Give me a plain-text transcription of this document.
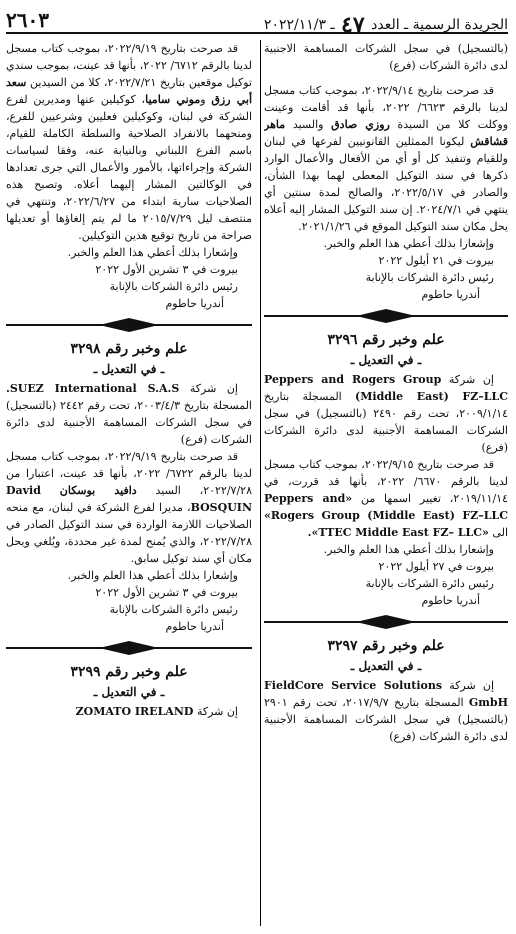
الجريدة الرسمية ـ العدد ٤٧ ـ ٢٠٢٢/١١/٣
٢٦٠٣

(بالتسجيل) في سجل الشركات المساهمة الاجنبية لدى دائرة الشركات (فرع)

قد صرحت بتاريخ ٢٠٢٢/٩/١٤، بموجب كتاب مسجل لدينا بالرقم ٦٦٢٣/ ٢٠٢٢، بأنها قد أقامت وعينت ووكلت كلا من السيدة روزي صادق والسيد ماهر قشاقش ليكونا الممثلين القانونيين لفرعها في لبنان وللقيام وتنفيذ كل أو أي من الأفعال والأعمال الوارد ذكرها في سند التوكيل المعطى لهما بهذا الشأن، والصادر في ٢٠٢٢/٥/١٧، والصالح لمدة سنتين أي ينتهي في ٢٠٢٤/٧/١. إن سند التوكيل المشار إليه أعلاه يحل مكان سند التوكيل الموقع في ٢٠٢١/١/٢٦.

وإشعارا بذلك أعطي هذا العلم والخبر.

بيروت في ٢١ أيلول ٢٠٢٢

رئيس دائرة الشركات بالإنابة

أندريا حاطوم

علم وخبر رقم ٣٢٩٦
ـ في التعديل ـ

إن شركة Peppers and Rogers Group (Middle East) FZ–LLC المسجلة بتاريخ ٢٠٠٩/١/١٤، تحت رقم ٢٤٩٠ (بالتسجيل) في سجل الشركات المساهمة الأجنبية لدى دائرة الشركات (فرع)

قد صرحت بتاريخ ٢٠٢٢/٩/١٥، بموجب كتاب مسجل لدينا بالرقم ٦٦٧٠/ ٢٠٢٢، بأنها قد قررت، في ٢٠١٩/١١/١٤، تغيير اسمها من «Peppers and Rogers Group (Middle East) FZ–LLC» الى «TTEC Middle East FZ– LLC».

وإشعارا بذلك أعطي هذا العلم والخبر.

بيروت في ٢٧ أيلول ٢٠٢٢

رئيس دائرة الشركات بالإنابة

أندريا حاطوم

علم وخبر رقم ٣٢٩٧
ـ في التعديل ـ

إن شركة FieldCore Service Solutions GmbH المسجلة بتاريخ ٢٠١٧/٩/٧، تحت رقم ٢٩٠١ (بالتسجيل) في سجل الشركات المساهمة الأجنبية لدى دائرة الشركات (فرع)

قد صرحت بتاريخ ٢٠٢٢/٩/١٩، بموجب كتاب مسجل لدينا بالرقم ٦٧١٢/ ٢٠٢٢، بأنها قد عينت، بموجب سندي توكيل موقعين بتاريخ ٢٠٢٢/٧/٢١، كلا من السيدين سعد أبي رزق وموني ساميا، كوكيلين عنها ومديرين لفرع الشركة في لبنان، وكوكيلين فعليين وشرعيين للفرع، ومنحهما بالانفراد الصلاحية والسلطة الكاملة للقيام، باسم الفرع اللبناني وبالنيابة عنه، وفقا لسياسات الشركة وإجراءاتها، بالأمور والأعمال التي جرى تعدادها في الوكالتين المشار إليهما أعلاه. وتصبح هذه الصلاحيات سارية ابتداء من ٢٠٢٢/٦/٢٧، وتنتهي في منتصف ليل ٢٠١٥/٧/٢٩ ما لم يتم إلغاؤها أو تعديلها صراحة من تاريخ توقيع هذين التوكيلين.

وإشعارا بذلك أعطي هذا العلم والخبر.

بيروت في ٣ تشرين الأول ٢٠٢٢

رئيس دائرة الشركات بالإنابة

أندريا حاطوم

علم وخبر رقم ٣٢٩٨
ـ في التعديل ـ

إن شركة SUEZ International S.A.S. المسجلة بتاريخ ٢٠٠٣/٤/٣، تحت رقم ٢٤٤٢ (بالتسجيل) في سجل الشركات المساهمة الأجنبية لدى دائرة الشركات (فرع)

قد صرحت بتاريخ ٢٠٢٢/٩/١٩، بموجب كتاب مسجل لدينا بالرقم ٦٧٢٢/ ٢٠٢٢، بأنها قد عينت، اعتبارا من ٢٠٢٢/٧/٢٨، السيد دافيد بوسكان David BOSQUIN، مديرا لفرع الشركة في لبنان، مع منحه الصلاحيات اللازمة الواردة في سند التوكيل الصادر في ٢٠٢٢/٧/٢٨، والذي يُمنح لمدة غير محددة، ويُلغي ويحل مكان أي سند توكيل سابق.

وإشعارا بذلك أعطي هذا العلم والخبر.

بيروت في ٣ تشرين الأول ٢٠٢٢

رئيس دائرة الشركات بالإنابة

أندريا حاطوم

علم وخبر رقم ٣٢٩٩
ـ في التعديل ـ

إن شركة ZOMATO IRELAND
